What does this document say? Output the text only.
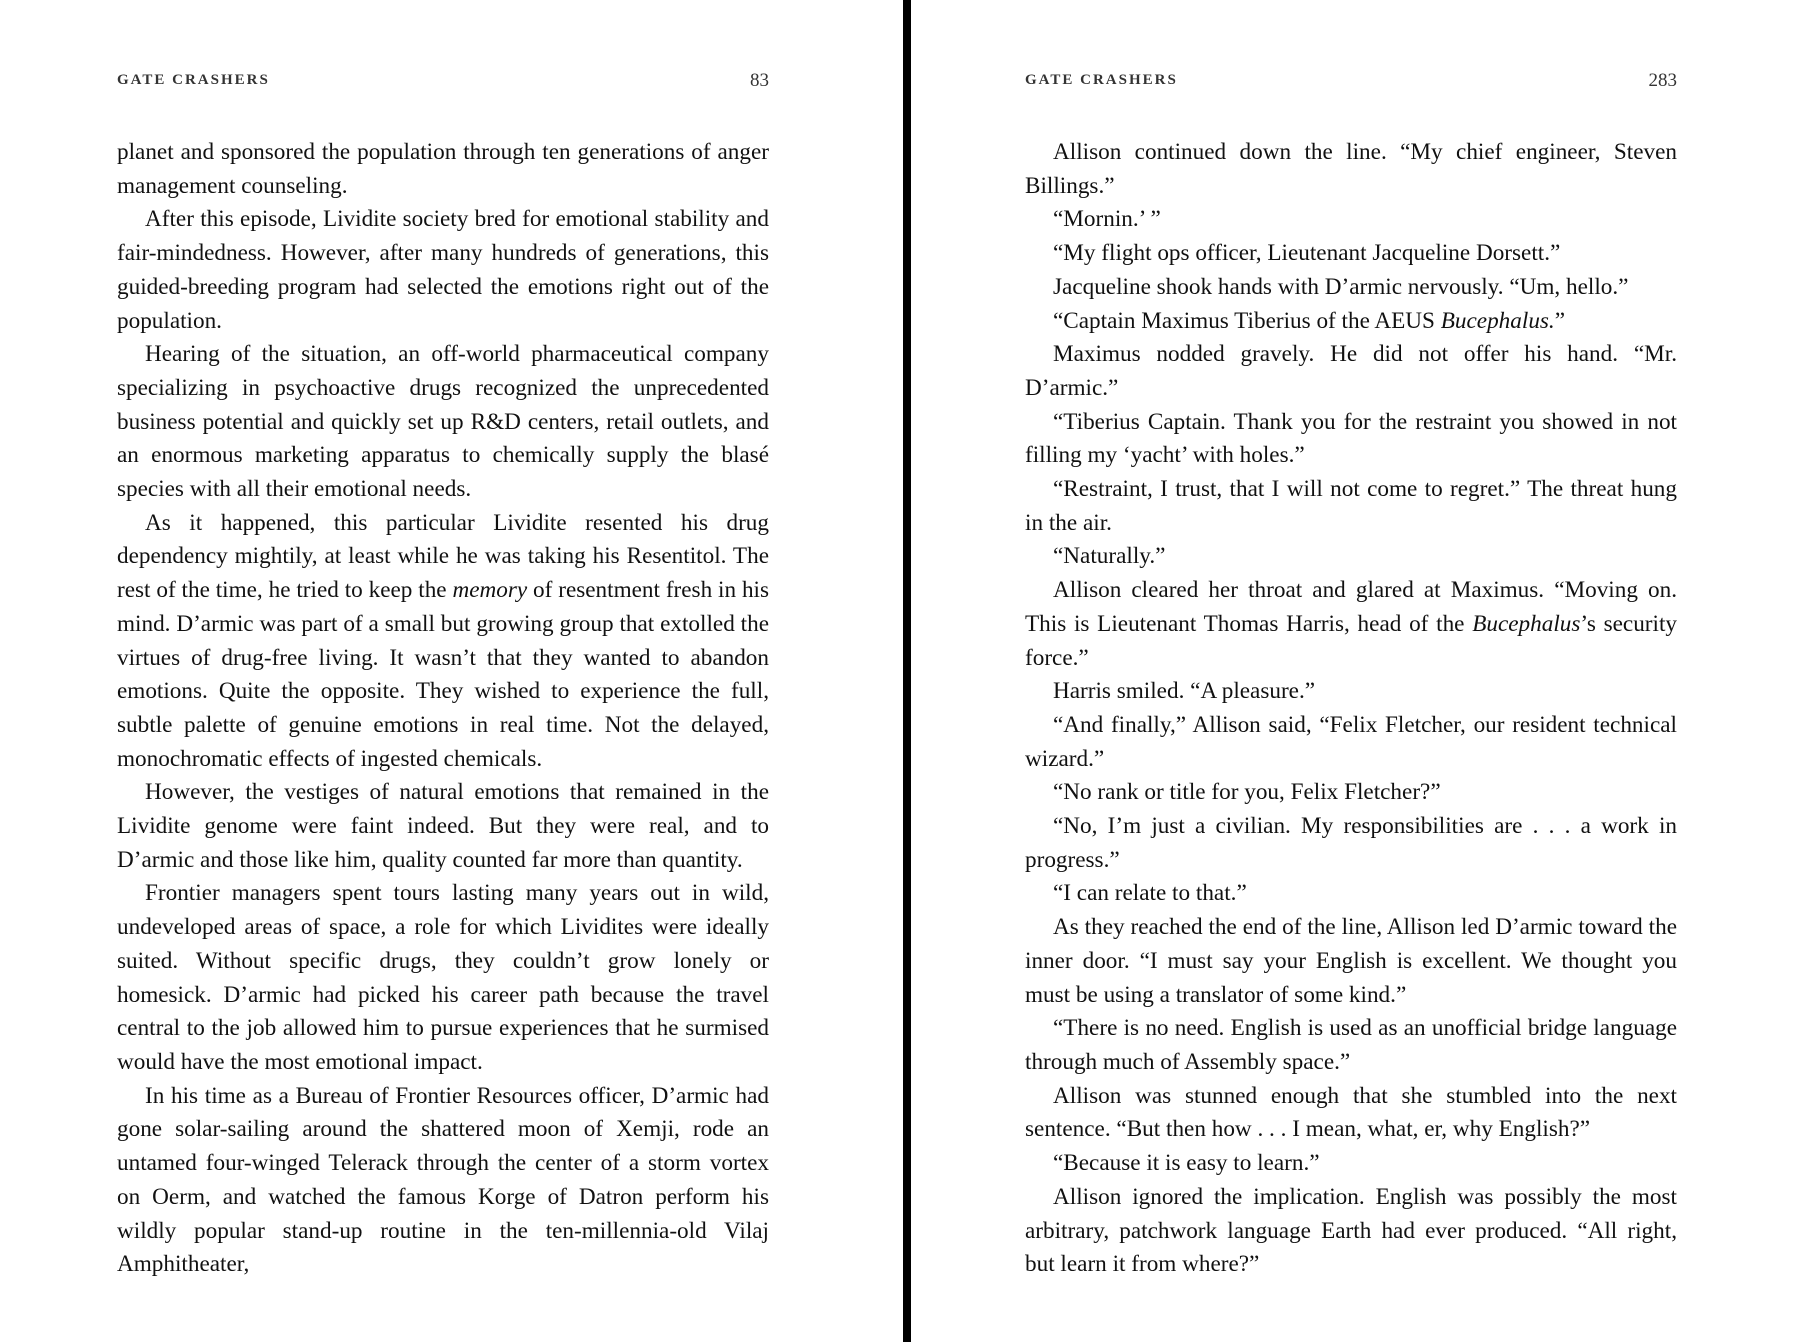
GATE CRASHERS	83

planet and sponsored the population through ten generations of anger management counseling.

After this episode, Lividite society bred for emotional stability and fair-mindedness. However, after many hundreds of generations, this guided-breeding program had selected the emotions right out of the population.

Hearing of the situation, an off-world pharmaceutical company specializing in psychoactive drugs recognized the unprecedented business potential and quickly set up R&D centers, retail outlets, and an enormous marketing apparatus to chemically supply the blasé species with all their emotional needs.

As it happened, this particular Lividite resented his drug dependency mightily, at least while he was taking his Resentitol. The rest of the time, he tried to keep the memory of resentment fresh in his mind. D’armic was part of a small but growing group that extolled the virtues of drug-free living. It wasn’t that they wanted to abandon emotions. Quite the opposite. They wished to experience the full, subtle palette of genuine emotions in real time. Not the delayed, monochromatic effects of ingested chemicals.

However, the vestiges of natural emotions that remained in the Lividite genome were faint indeed. But they were real, and to D’armic and those like him, quality counted far more than quantity.

Frontier managers spent tours lasting many years out in wild, undeveloped areas of space, a role for which Lividites were ideally suited. Without specific drugs, they couldn’t grow lonely or homesick. D’armic had picked his career path because the travel central to the job allowed him to pursue experiences that he surmised would have the most emotional impact.

In his time as a Bureau of Frontier Resources officer, D’armic had gone solar-sailing around the shattered moon of Xemji, rode an untamed four-winged Telerack through the center of a storm vortex on Oerm, and watched the famous Korge of Datron perform his wildly popular stand-up routine in the ten-millennia-old Vilaj Amphitheater,

GATE CRASHERS	283

Allison continued down the line. “My chief engineer, Steven Billings.”

“Mornin.’ ”

“My flight ops officer, Lieutenant Jacqueline Dorsett.”

Jacqueline shook hands with D’armic nervously. “Um, hello.”

“Captain Maximus Tiberius of the AEUS Bucephalus.”

Maximus nodded gravely. He did not offer his hand. “Mr. D’armic.”

“Tiberius Captain. Thank you for the restraint you showed in not filling my ‘yacht’ with holes.”

“Restraint, I trust, that I will not come to regret.” The threat hung in the air.

“Naturally.”

Allison cleared her throat and glared at Maximus. “Moving on. This is Lieutenant Thomas Harris, head of the Bucephalus’s security force.”

Harris smiled. “A pleasure.”

“And finally,” Allison said, “Felix Fletcher, our resident technical wizard.”

“No rank or title for you, Felix Fletcher?”

“No, I’m just a civilian. My responsibilities are . . . a work in progress.”

“I can relate to that.”

As they reached the end of the line, Allison led D’armic toward the inner door. “I must say your English is excellent. We thought you must be using a translator of some kind.”

“There is no need. English is used as an unofficial bridge language through much of Assembly space.”

Allison was stunned enough that she stumbled into the next sentence. “But then how . . . I mean, what, er, why English?”

“Because it is easy to learn.”

Allison ignored the implication. English was possibly the most arbitrary, patchwork language Earth had ever produced. “All right, but learn it from where?”
